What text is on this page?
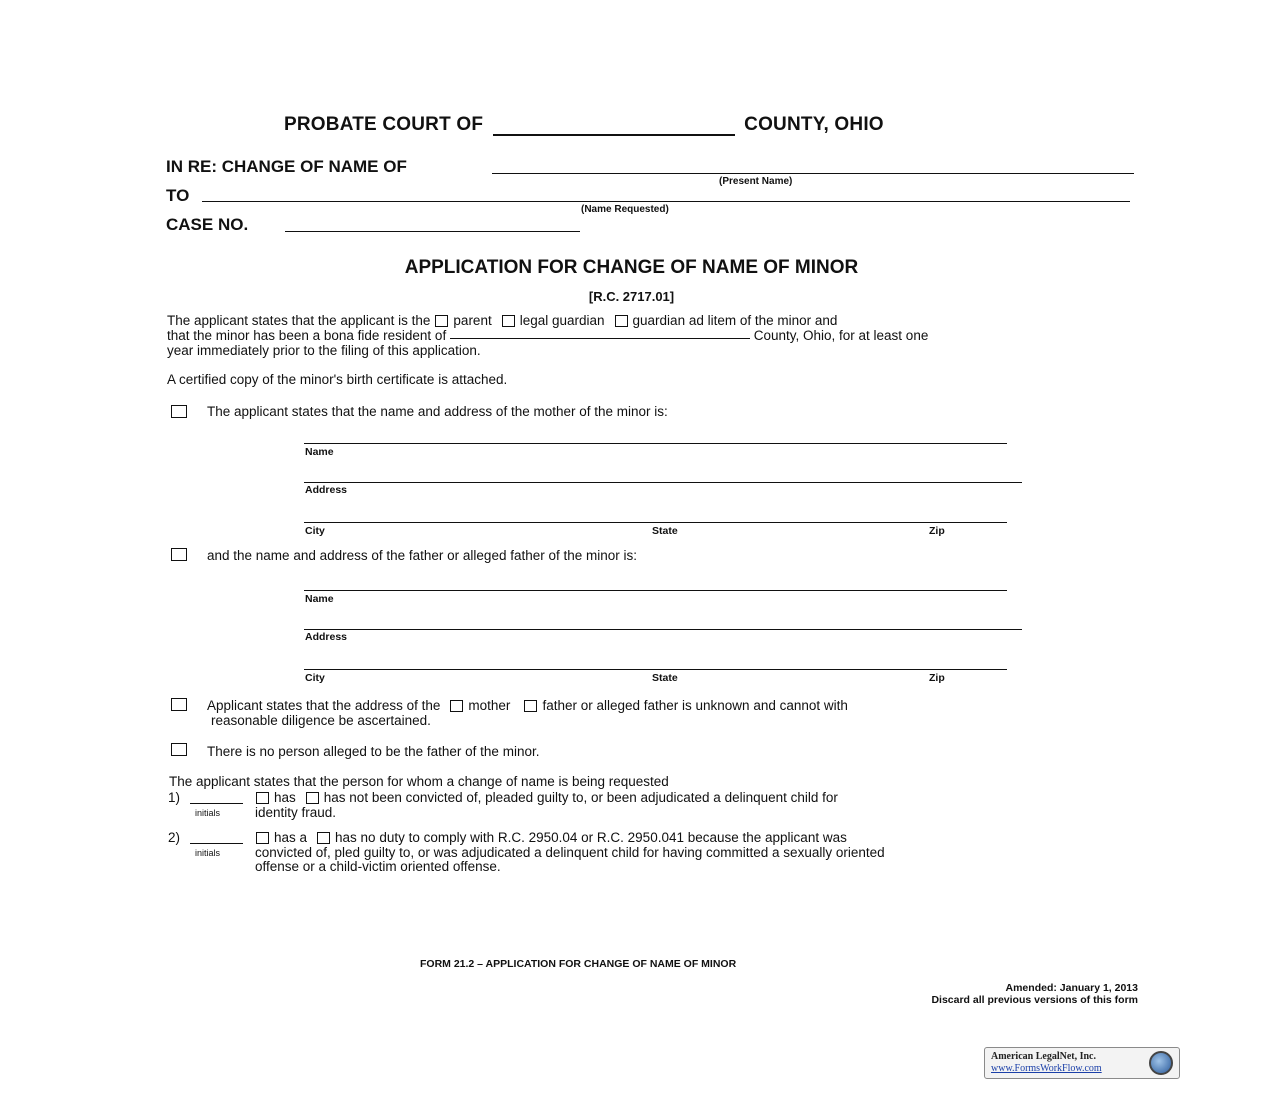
PROBATE COURT OF	COUNTY, OHIO
IN RE: CHANGE OF NAME OF
(Present Name)
TO
(Name Requested)
CASE NO.
APPLICATION FOR CHANGE OF NAME OF MINOR
[R.C. 2717.01]
The applicant states that the applicant is the parent legal guardian guardian ad litem of the minor and
that the minor has been a bona fide resident of	County, Ohio, for at least one
year immediately prior to the filing of this application.
A certified copy of the minor's birth certificate is attached.
The applicant states that the name and address of the mother of the minor is:
Name
Address
City	State	Zip
and the name and address of the father or alleged father of the minor is:
Name
Address
City	State	Zip
Applicant states that the address of the mother father or alleged father is unknown and cannot with
reasonable diligence be ascertained.
There is no person alleged to be the father of the minor.
The applicant states that the person for whom a change of name is being requested
1)
initials
has has not been convicted of, pleaded guilty to, or been adjudicated a delinquent child for
identity fraud.
2)
initials
has a has no duty to comply with R.C. 2950.04 or R.C. 2950.041 because the applicant was
convicted of, pled guilty to, or was adjudicated a delinquent child for having committed a sexually oriented
offense or a child-victim oriented offense.
FORM 21.2 – APPLICATION FOR CHANGE OF NAME OF MINOR
Amended: January 1, 2013
Discard all previous versions of this form
American LegalNet, Inc.
www.FormsWorkFlow.com
